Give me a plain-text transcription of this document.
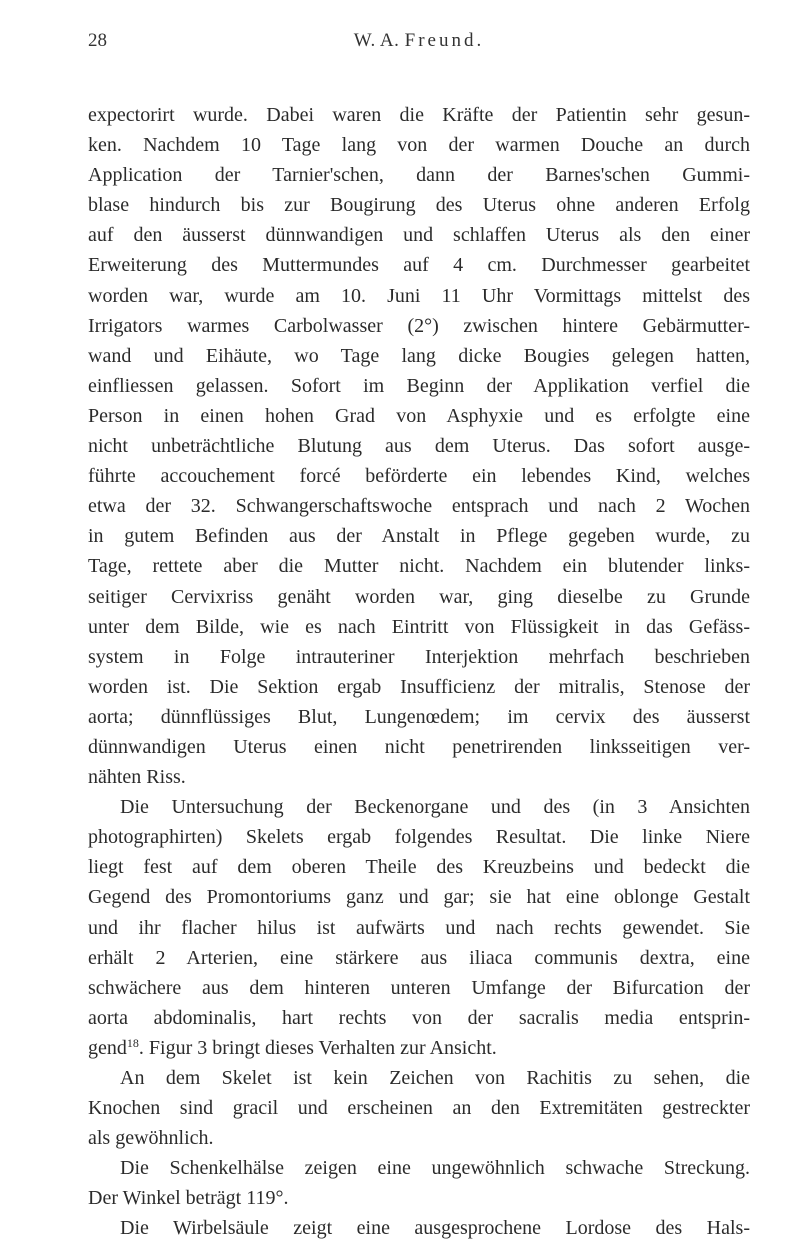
28	W. A. Freund.
expectorirt wurde. Dabei waren die Kräfte der Patientin sehr gesun-
ken. Nachdem 10 Tage lang von der warmen Douche an durch
Application der Tarnier'schen, dann der Barnes'schen Gummi-
blase hindurch bis zur Bougirung des Uterus ohne anderen Erfolg
auf den äusserst dünnwandigen und schlaffen Uterus als den einer
Erweiterung des Muttermundes auf 4 cm. Durchmesser gearbeitet
worden war, wurde am 10. Juni 11 Uhr Vormittags mittelst des
Irrigators warmes Carbolwasser (2°) zwischen hintere Gebärmutter-
wand und Eihäute, wo Tage lang dicke Bougies gelegen hatten,
einfliessen gelassen. Sofort im Beginn der Applikation verfiel die
Person in einen hohen Grad von Asphyxie und es erfolgte eine
nicht unbeträchtliche Blutung aus dem Uterus. Das sofort ausge-
führte accouchement forcé beförderte ein lebendes Kind, welches
etwa der 32. Schwangerschaftswoche entsprach und nach 2 Wochen
in gutem Befinden aus der Anstalt in Pflege gegeben wurde, zu
Tage, rettete aber die Mutter nicht. Nachdem ein blutender links-
seitiger Cervixriss genäht worden war, ging dieselbe zu Grunde
unter dem Bilde, wie es nach Eintritt von Flüssigkeit in das Gefäss-
system in Folge intrauteriner Interjektion mehrfach beschrieben
worden ist. Die Sektion ergab Insufficienz der mitralis, Stenose der
aorta; dünnflüssiges Blut, Lungenœdem; im cervix des äusserst
dünnwandigen Uterus einen nicht penetrirenden linksseitigen ver-
nähten Riss.
Die Untersuchung der Beckenorgane und des (in 3 Ansichten
photographirten) Skelets ergab folgendes Resultat. Die linke Niere
liegt fest auf dem oberen Theile des Kreuzbeins und bedeckt die
Gegend des Promontoriums ganz und gar; sie hat eine oblonge Gestalt
und ihr flacher hilus ist aufwärts und nach rechts gewendet. Sie
erhält 2 Arterien, eine stärkere aus iliaca communis dextra, eine
schwächere aus dem hinteren unteren Umfange der Bifurcation der
aorta abdominalis, hart rechts von der sacralis media entsprin-
gend$^{18}$. Figur 3 bringt dieses Verhalten zur Ansicht.
An dem Skelet ist kein Zeichen von Rachitis zu sehen, die
Knochen sind gracil und erscheinen an den Extremitäten gestreckter
als gewöhnlich.
Die Schenkelhälse zeigen eine ungewöhnlich schwache Streckung.
Der Winkel beträgt 119°.
Die Wirbelsäule zeigt eine ausgesprochene Lordose des Hals-
